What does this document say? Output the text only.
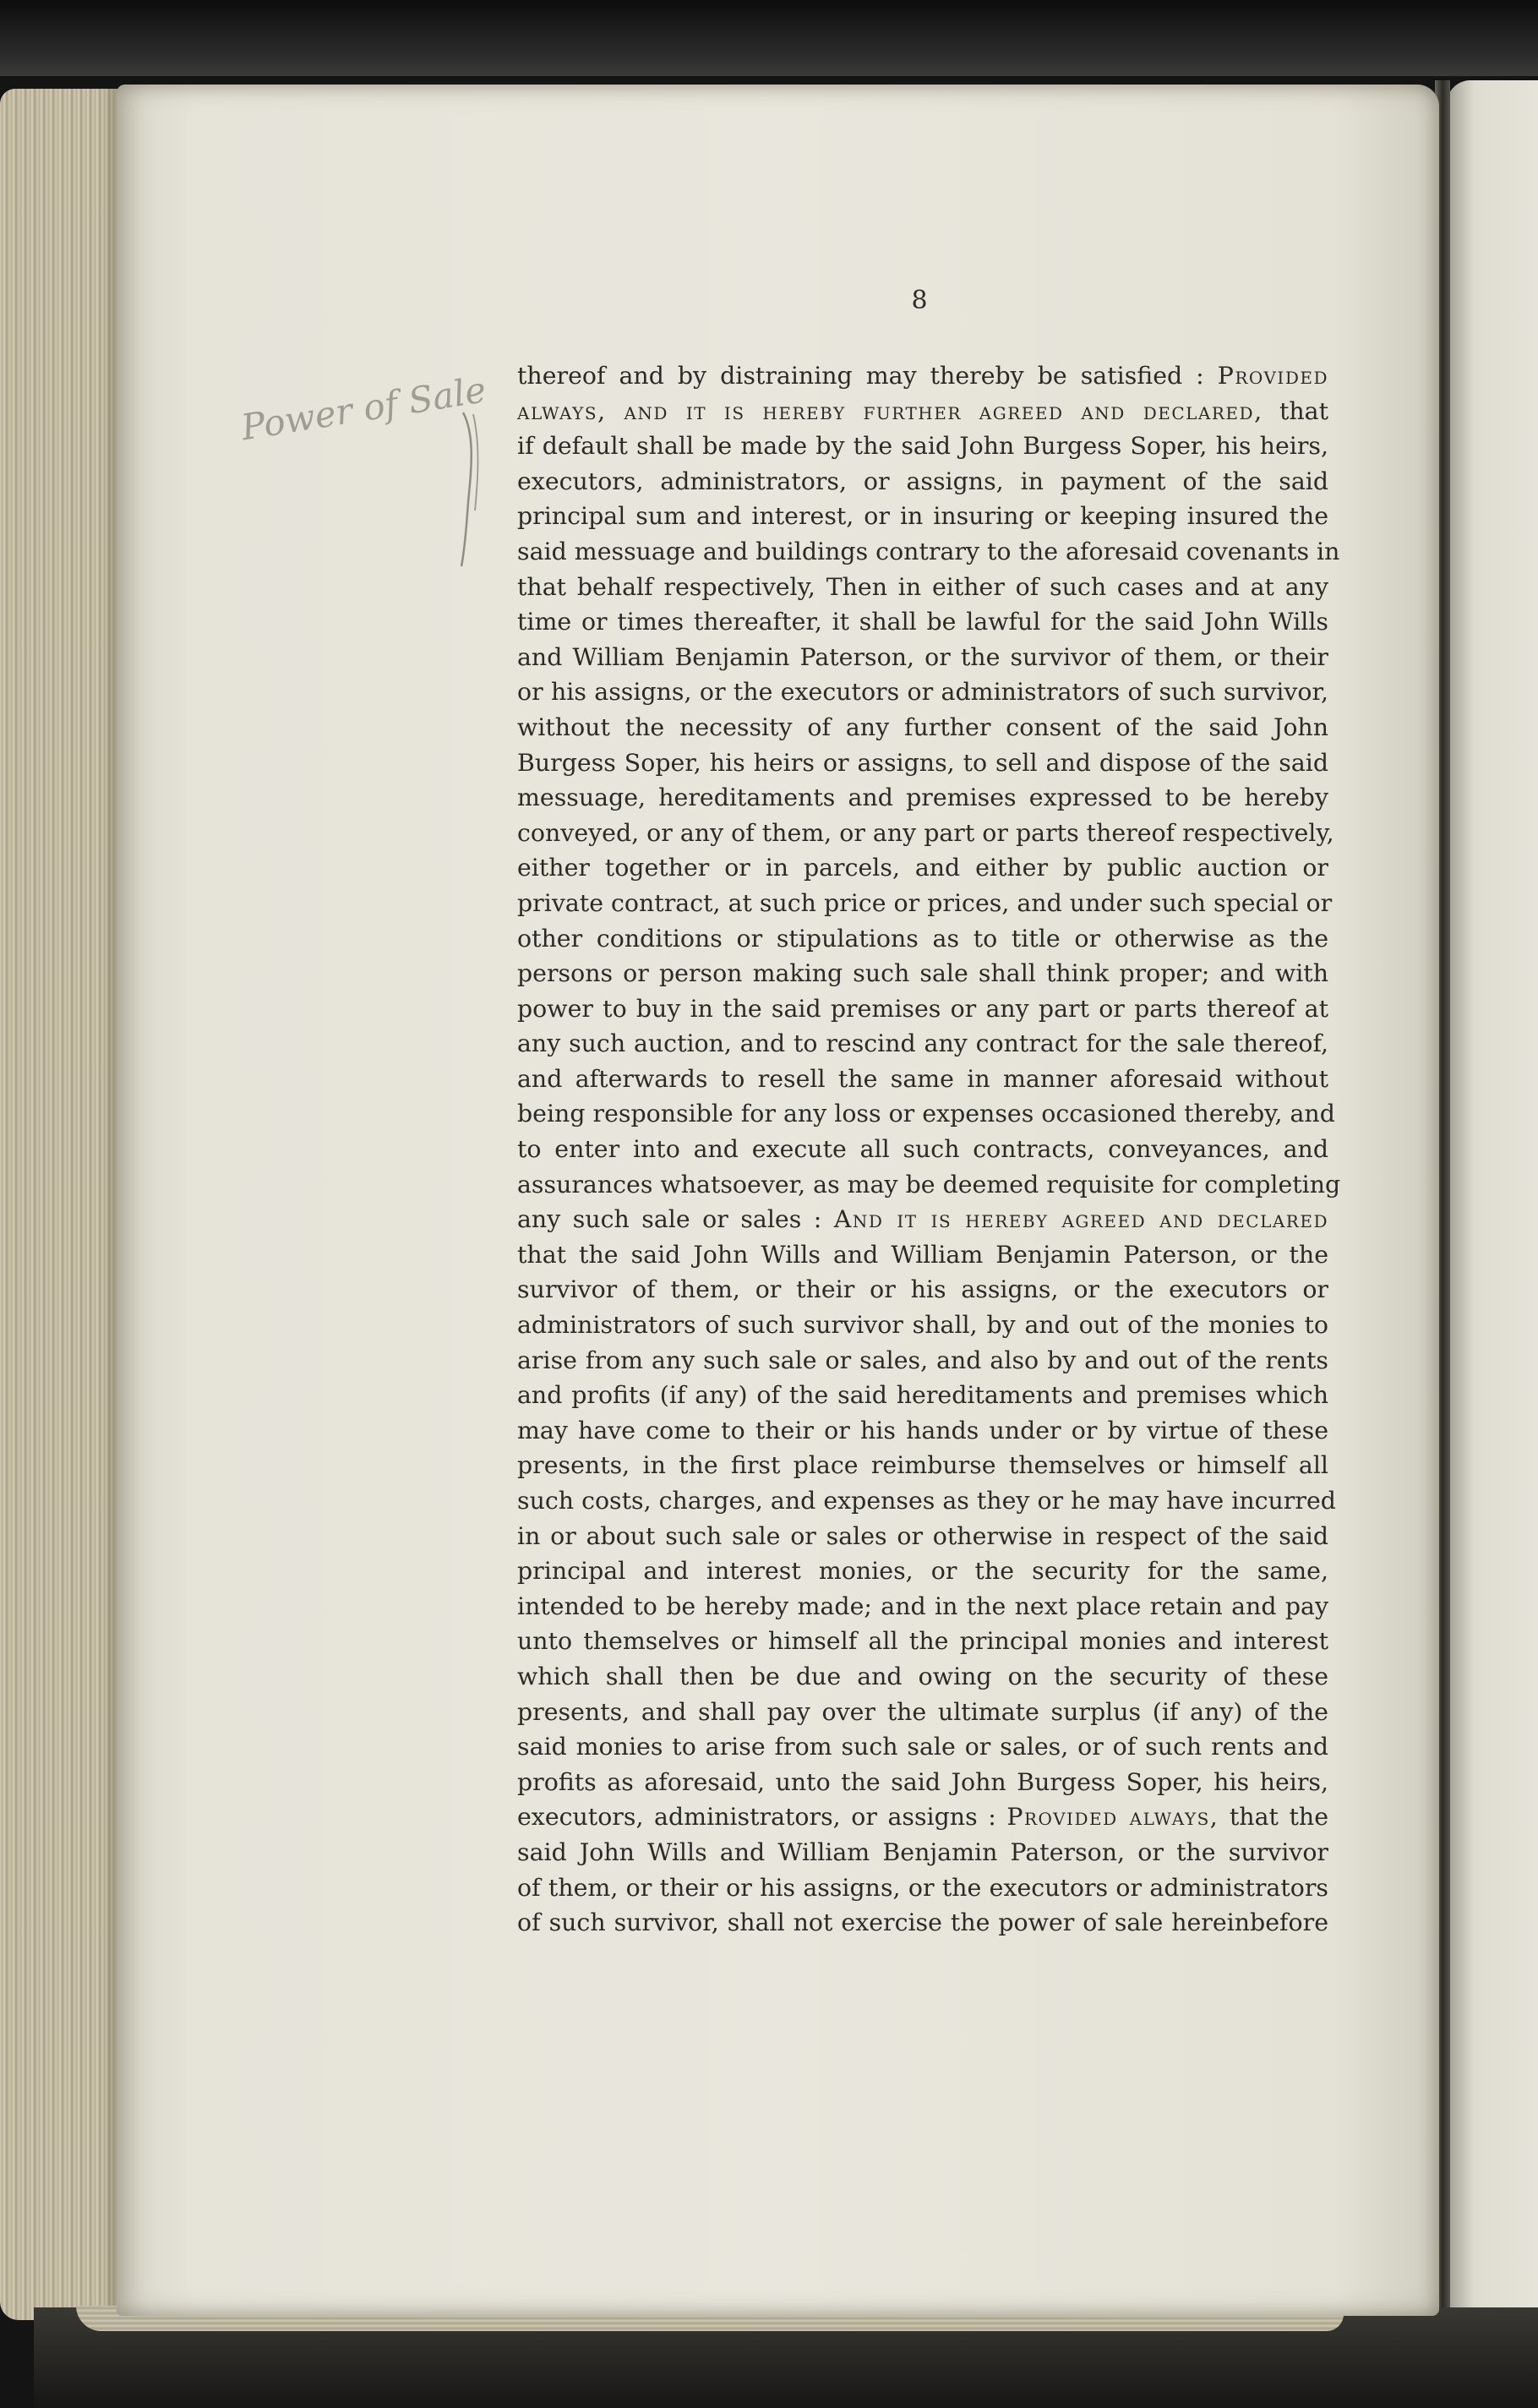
8
Power of Sale thereof and by distraining may thereby be satisfied : Provided
always, and it is hereby further agreed and declared, that
if default shall be made by the said John Burgess Soper, his heirs,
executors, administrators, or assigns, in payment of the said
principal sum and interest, or in insuring or keeping insured the
said messuage and buildings contrary to the aforesaid covenants in
that behalf respectively, Then in either of such cases and at any
time or times thereafter, it shall be lawful for the said John Wills
and William Benjamin Paterson, or the survivor of them, or their
or his assigns, or the executors or administrators of such survivor,
without the necessity of any further consent of the said John
Burgess Soper, his heirs or assigns, to sell and dispose of the said
messuage, hereditaments and premises expressed to be hereby
conveyed, or any of them, or any part or parts thereof respectively,
either together or in parcels, and either by public auction or
private contract, at such price or prices, and under such special or
other conditions or stipulations as to title or otherwise as the
persons or person making such sale shall think proper; and with
power to buy in the said premises or any part or parts thereof at
any such auction, and to rescind any contract for the sale thereof,
and afterwards to resell the same in manner aforesaid without
being responsible for any loss or expenses occasioned thereby, and
to enter into and execute all such contracts, conveyances, and
assurances whatsoever, as may be deemed requisite for completing
any such sale or sales : And it is hereby agreed and declared
that the said John Wills and William Benjamin Paterson, or the
survivor of them, or their or his assigns, or the executors or
administrators of such survivor shall, by and out of the monies to
arise from any such sale or sales, and also by and out of the rents
and profits (if any) of the said hereditaments and premises which
may have come to their or his hands under or by virtue of these
presents, in the first place reimburse themselves or himself all
such costs, charges, and expenses as they or he may have incurred
in or about such sale or sales or otherwise in respect of the said
principal and interest monies, or the security for the same,
intended to be hereby made; and in the next place retain and pay
unto themselves or himself all the principal monies and interest
which shall then be due and owing on the security of these
presents, and shall pay over the ultimate surplus (if any) of the
said monies to arise from such sale or sales, or of such rents and
profits as aforesaid, unto the said John Burgess Soper, his heirs,
executors, administrators, or assigns : Provided always, that the
said John Wills and William Benjamin Paterson, or the survivor
of them, or their or his assigns, or the executors or administrators
of such survivor, shall not exercise the power of sale hereinbefore
